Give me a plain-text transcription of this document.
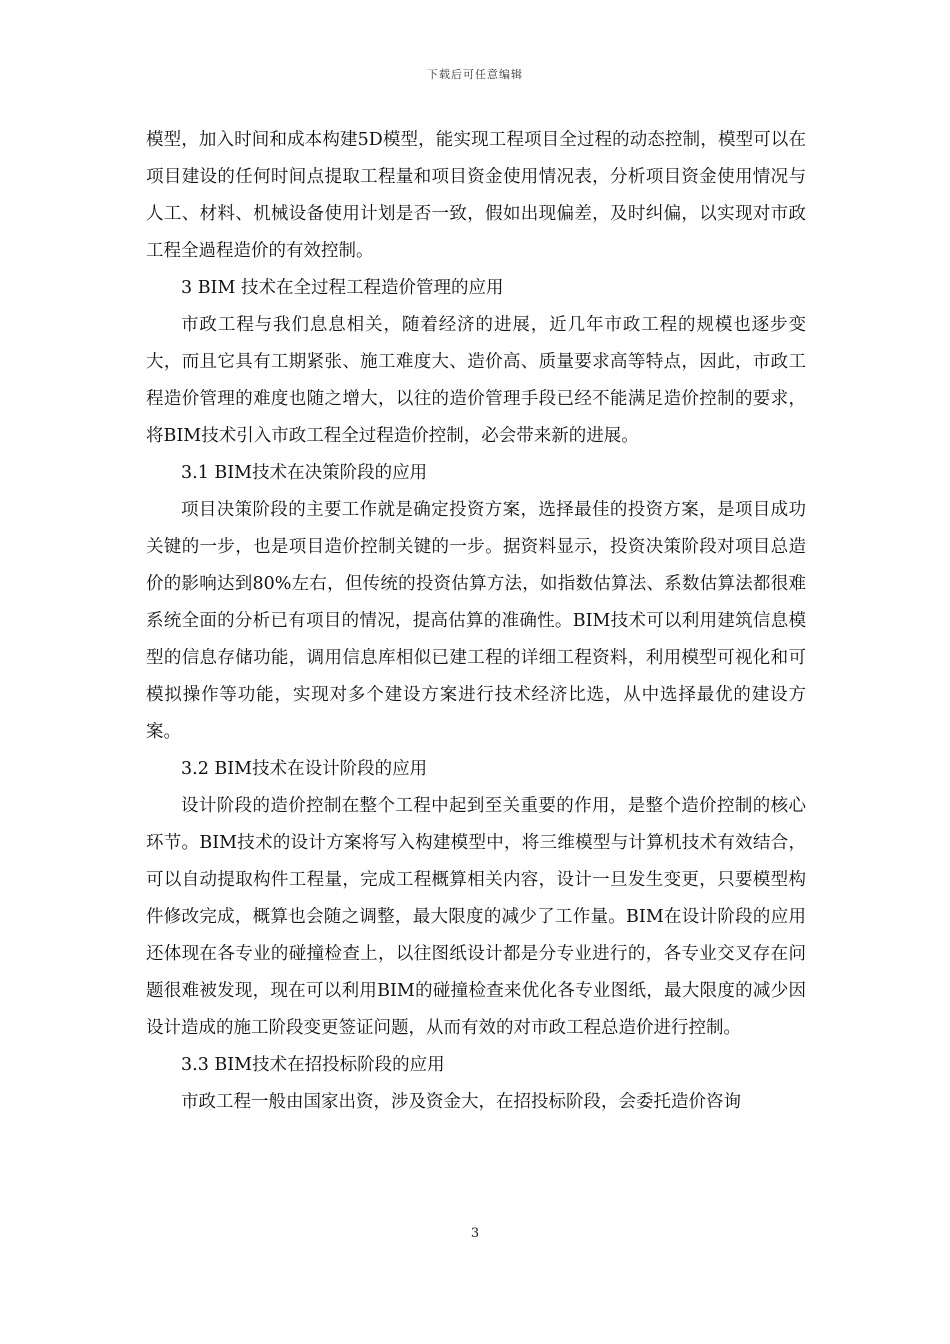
下载后可任意编辑

模型，加入时间和成本构建5D模型，能实现工程项目全过程的动态控制，模型可以在项目建设的任何时间点提取工程量和项目资金使用情况表，分析项目资金使用情况与人工、材料、机械设备使用计划是否一致，假如出现偏差，及时纠偏，以实现对市政工程全過程造价的有效控制。

3 BIM 技术在全过程工程造价管理的应用

市政工程与我们息息相关，随着经济的进展，近几年市政工程的规模也逐步变大，而且它具有工期紧张、施工难度大、造价高、质量要求高等特点，因此，市政工程造价管理的难度也随之增大，以往的造价管理手段已经不能满足造价控制的要求，将BIM技术引入市政工程全过程造价控制，必会带来新的进展。

3.1 BIM技术在决策阶段的应用

项目决策阶段的主要工作就是确定投资方案，选择最佳的投资方案，是项目成功关键的一步，也是项目造价控制关键的一步。据资料显示，投资决策阶段对项目总造价的影响达到80%左右，但传统的投资估算方法，如指数估算法、系数估算法都很难系统全面的分析已有项目的情况，提高估算的准确性。BIM技术可以利用建筑信息模型的信息存储功能，调用信息库相似已建工程的详细工程资料，利用模型可视化和可模拟操作等功能，实现对多个建设方案进行技术经济比选，从中选择最优的建设方案。

3.2 BIM技术在设计阶段的应用

设计阶段的造价控制在整个工程中起到至关重要的作用，是整个造价控制的核心环节。BIM技术的设计方案将写入构建模型中，将三维模型与计算机技术有效结合，可以自动提取构件工程量，完成工程概算相关内容，设计一旦发生变更，只要模型构件修改完成，概算也会随之调整，最大限度的减少了工作量。BIM在设计阶段的应用还体现在各专业的碰撞检查上，以往图纸设计都是分专业进行的，各专业交叉存在问题很难被发现，现在可以利用BIM的碰撞检查来优化各专业图纸，最大限度的减少因设计造成的施工阶段变更签证问题，从而有效的对市政工程总造价进行控制。

3.3 BIM技术在招投标阶段的应用

市政工程一般由国家出资，涉及资金大，在招投标阶段，会委托造价咨询

3
